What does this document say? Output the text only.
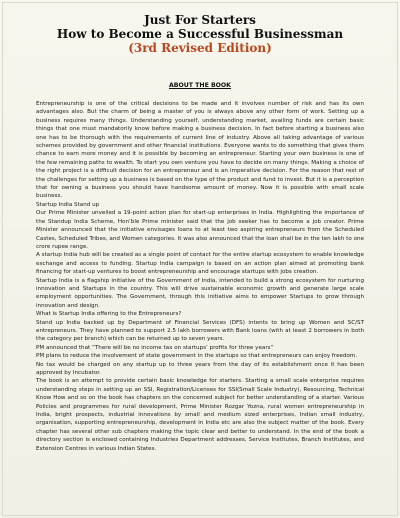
Just For Starters
How to Become a Successful Businessman
(3rd Revised Edition)
ABOUT THE BOOK

Entrepreneurship is one of the critical decisions to be made and it involves number of risk and has its own advantages also. But the charm of being a master of you is always above any other form of work. Setting up a business requires many things. Understanding yourself, understanding market, availing funds are certain basic things that one must mandatorily know before making a business decision. In fact before starting a business also one has to be thorough with the requirements of current line of industry. Above all taking advantage of various schemes provided by government and other financial institutions. Everyone wants to do something that gives them chance to earn more money and it is possible by becoming an entrepreneur. Starting your own business is one of the few remaining paths to wealth. To start you own venture you have to decide on many things. Making a choice of the right project is a difficult decision for an entrepreneur and is an imperative decision. For the reason that rest of the challenges for setting up a business is based on the type of the product and fund to invest. But it is a perception that for owning a business you should have handsome amount of money. Now it is possible with small scale business.

Startup India Stand up

Our Prime Minister unveiled a 19-point action plan for start-up enterprises in India. Highlighting the importance of the Standup India Scheme, Hon’ble Prime minister said that the job seeker has to become a job creator. Prime Minister announced that the initiative envisages loans to at least two aspiring entrepreneurs from the Scheduled Castes, Scheduled Tribes, and Women categories. It was also announced that the loan shall be in the ten lakh to one crore rupee range.

A startup India hub will be created as a single point of contact for the entire startup ecosystem to enable knowledge exchange and access to funding. Startup India campaign is based on an action plan aimed at promoting bank financing for start-up ventures to boost entrepreneurship and encourage startups with jobs creation.

Startup India is a flagship initiative of the Government of India, intended to build a strong ecosystem for nurturing innovation and Startups in the country. This will drive sustainable economic growth and generate large scale employment opportunities. The Government, through this initiative aims to empower Startups to grow through innovation and design.

What is Startup India offering to the Entrepreneurs?

Stand up India backed up by Department of Financial Services (DFS) intents to bring up Women and SC/ST entrepreneurs. They have planned to support 2.5 lakh borrowers with Bank loans (with at least 2 borrowers in both the category per branch) which can be returned up to seven years.

PM announced that “There will be no income tax on startups’ profits for three years”

PM plans to reduce the involvement of state government in the startups so that entrepreneurs can enjoy freedom.

No tax would be charged on any startup up to three years from the day of its establishment once it has been approved by Incubator.

The book is an attempt to provide certain basic knowledge for starters. Starting a small scale enterprise requires understanding steps in setting up an SSI, Registration/Licenses for SSI(Small Scale Industry), Resourcing, Technical Know How and so on the book has chapters on the concerned subject for better understanding of a starter. Various Policies and programmes for rural development, Prime Minister Rozgar Yozna, rural women entrepreneurship in India, bright prospects, industrial innovations by small and medium sized enterprises, Indian small industry, organisation, supporting entrepreneurship, development in India etc are also the subject matter of the book. Every chapter has several other sub chapters making the topic clear and better to understand. In the end of the book a directory section is enclosed containing Industries Department addresses, Service Institutes, Branch Institutes, and Extension Centres in various Indian States.
